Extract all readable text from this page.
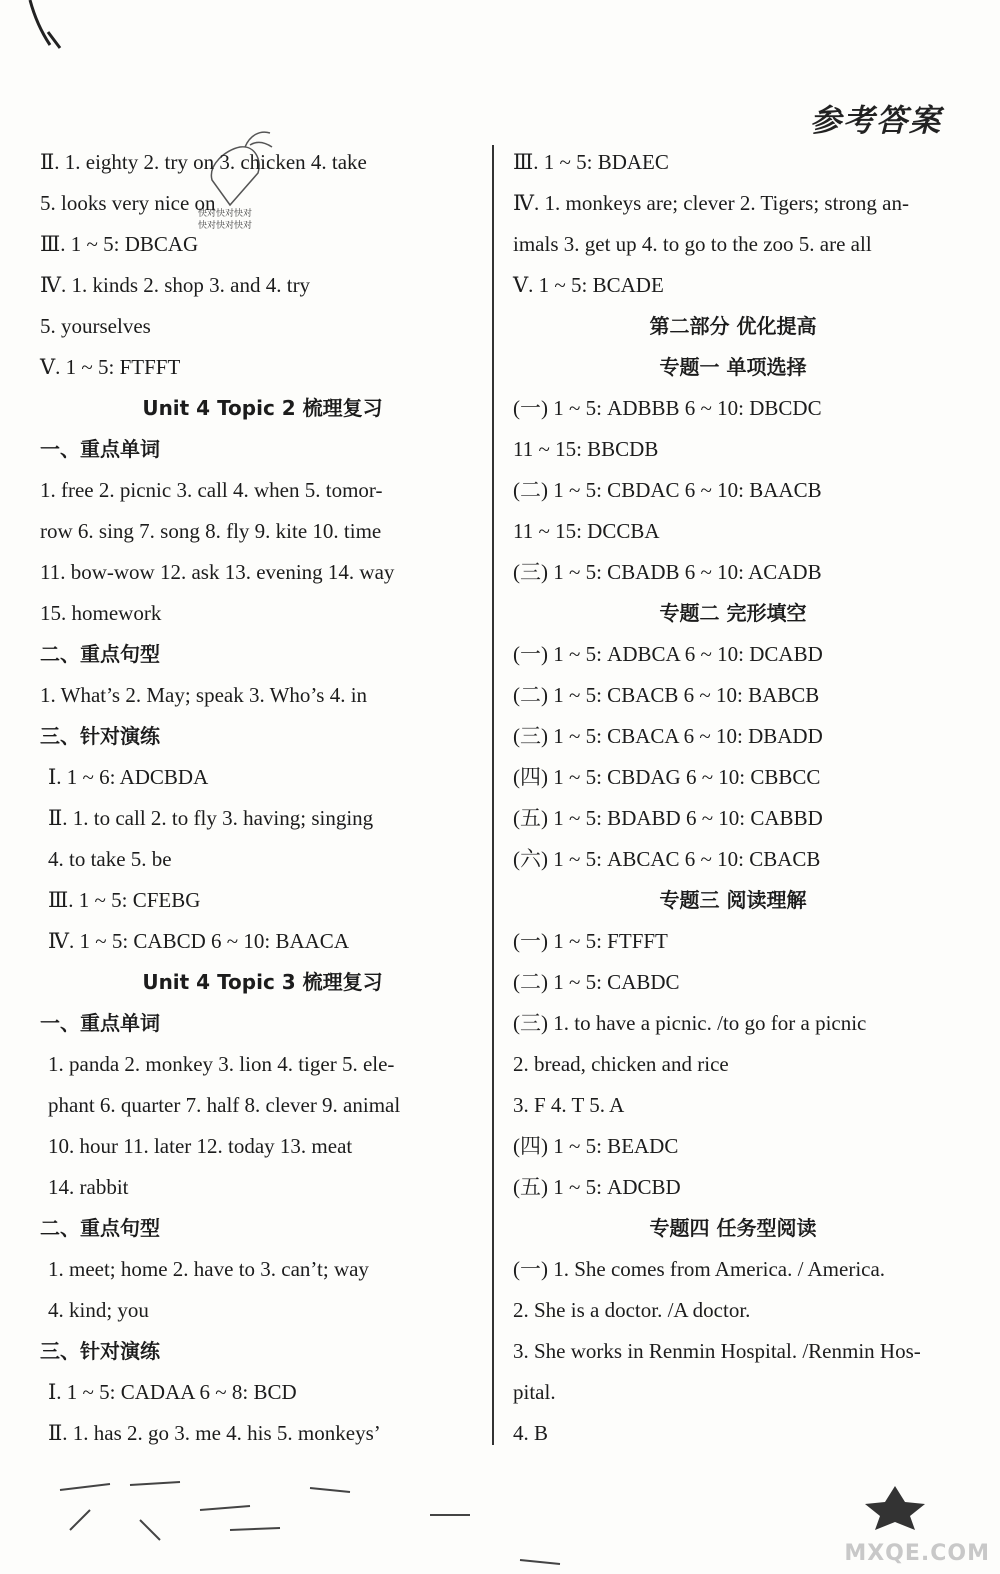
参考答案
快对快对快对
快对快对快对
Ⅱ. 1. eighty 2. try on 3. chicken 4. take
5. looks very nice on
Ⅲ. 1 ~ 5: DBCAG
Ⅳ. 1. kinds 2. shop 3. and 4. try
5. yourselves
Ⅴ. 1 ~ 5: FTFFT
Unit 4 Topic 2 梳理复习
一、重点单词
1. free 2. picnic 3. call 4. when 5. tomor-
row 6. sing 7. song 8. fly 9. kite 10. time
11. bow-wow 12. ask 13. evening 14. way
15. homework
二、重点句型
1. What’s 2. May; speak 3. Who’s 4. in
三、针对演练
Ⅰ. 1 ~ 6: ADCBDA
Ⅱ. 1. to call 2. to fly 3. having; singing
4. to take 5. be
Ⅲ. 1 ~ 5: CFEBG
Ⅳ. 1 ~ 5: CABCD 6 ~ 10: BAACA
Unit 4 Topic 3 梳理复习
一、重点单词
1. panda 2. monkey 3. lion 4. tiger 5. ele-
phant 6. quarter 7. half 8. clever 9. animal
10. hour 11. later 12. today 13. meat
14. rabbit
二、重点句型
1. meet; home 2. have to 3. can’t; way
4. kind; you
三、针对演练
Ⅰ. 1 ~ 5: CADAA 6 ~ 8: BCD
Ⅱ. 1. has 2. go 3. me 4. his 5. monkeys’
Ⅲ. 1 ~ 5: BDAEC
Ⅳ. 1. monkeys are; clever 2. Tigers; strong an-
imals 3. get up 4. to go to the zoo 5. are all
Ⅴ. 1 ~ 5: BCADE
第二部分 优化提高
专题一 单项选择
(一) 1 ~ 5: ADBBB 6 ~ 10: DBCDC
11 ~ 15: BBCDB
(二) 1 ~ 5: CBDAC 6 ~ 10: BAACB
11 ~ 15: DCCBA
(三) 1 ~ 5: CBADB 6 ~ 10: ACADB
专题二 完形填空
(一) 1 ~ 5: ADBCA 6 ~ 10: DCABD
(二) 1 ~ 5: CBACB 6 ~ 10: BABCB
(三) 1 ~ 5: CBACA 6 ~ 10: DBADD
(四) 1 ~ 5: CBDAG 6 ~ 10: CBBCC
(五) 1 ~ 5: BDABD 6 ~ 10: CABBD
(六) 1 ~ 5: ABCAC 6 ~ 10: CBACB
专题三 阅读理解
(一) 1 ~ 5: FTFFT
(二) 1 ~ 5: CABDC
(三) 1. to have a picnic. /to go for a picnic
2. bread, chicken and rice
3. F 4. T 5. A
(四) 1 ~ 5: BEADC
(五) 1 ~ 5: ADCBD
专题四 任务型阅读
(一) 1. She comes from America. / America.
2. She is a doctor. /A doctor.
3. She works in Renmin Hospital. /Renmin Hos-
pital.
4. B
MXQE.COM
